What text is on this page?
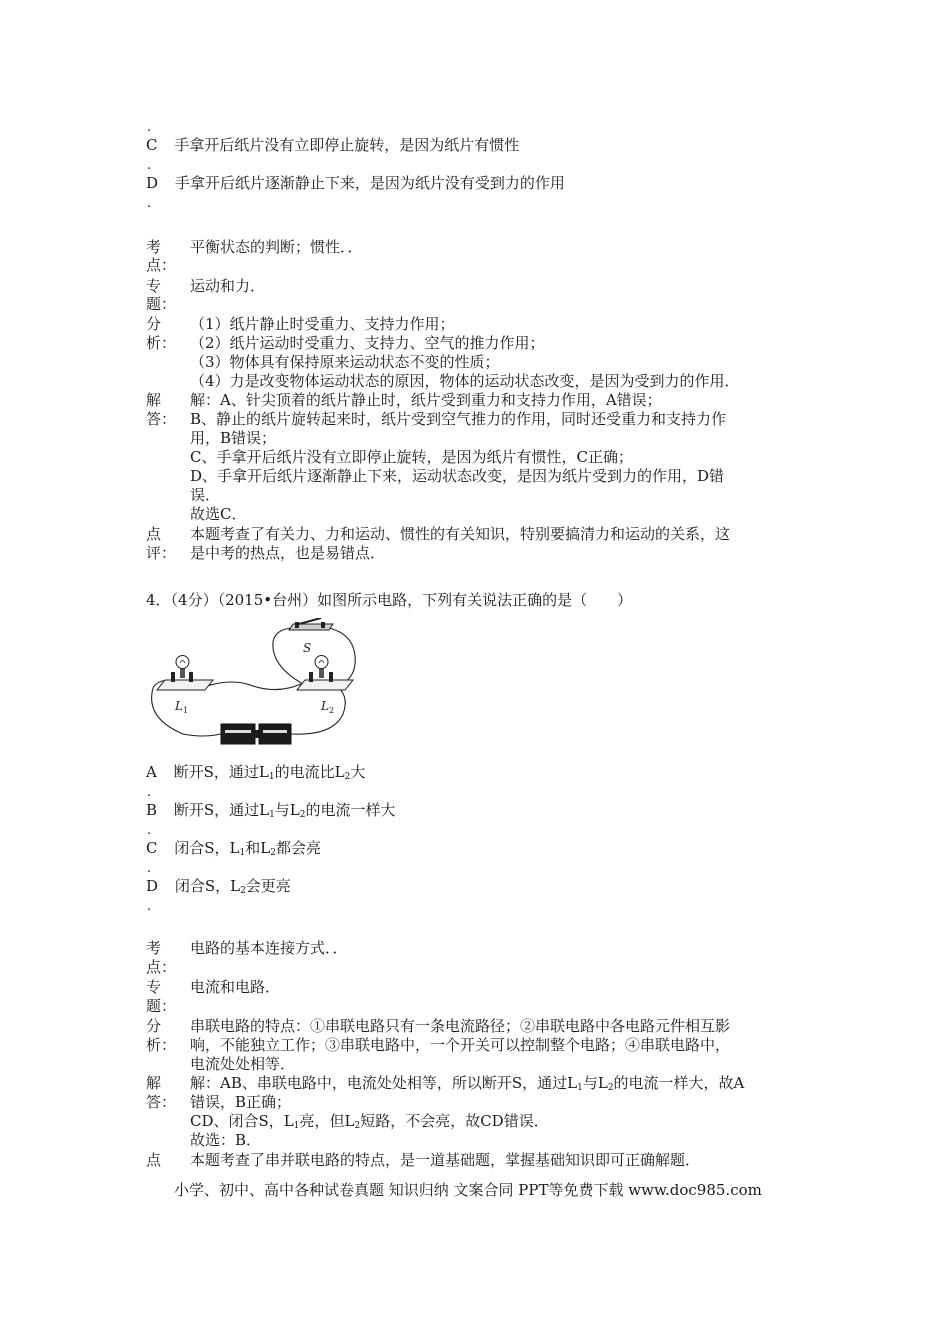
.
C 手拿开后纸片没有立即停止旋转，是因为纸片有惯性
.
D 手拿开后纸片逐渐静止下来，是因为纸片没有受到力的作用
.
考 平衡状态的判断；惯性．．
点：
专 运动和力．
题：
分
析：
（1）纸片静止时受重力、支持力作用；
（2）纸片运动时受重力、支持力、空气的推力作用；
（3）物体具有保持原来运动状态不变的性质；
（4）力是改变物体运动状态的原因，物体的运动状态改变，是因为受到力的作用．
解
答：
解：A、针尖顶着的纸片静止时，纸片受到重力和支持力作用，A错误；
B、静止的纸片旋转起来时，纸片受到空气推力的作用，同时还受重力和支持力作
用，B错误；
C、手拿开后纸片没有立即停止旋转，是因为纸片有惯性，C正确；
D、手拿开后纸片逐渐静止下来，运动状态改变，是因为纸片受到力的作用，D错
误．
故选C．
点
评：
本题考查了有关力、力和运动、惯性的有关知识，特别要搞清力和运动的关系，这
是中考的热点，也是易错点．
4．（4分）（2015•台州）如图所示电路，下列有关说法正确的是（　　）
S
$L_1$	$L_2$
A 断开S，通过$L_1$的电流比$L_2$大
.
B 断开S，通过$L_1$与$L_2$的电流一样大
.
C 闭合S，$L_1$和$L_2$都会亮
.
D 闭合S，$L_2$会更亮
.
考 电路的基本连接方式．．
点：
专 电流和电路．
题：
分
析：
串联电路的特点：①串联电路只有一条电流路径；②串联电路中各电路元件相互影
响，不能独立工作；③串联电路中，一个开关可以控制整个电路；④串联电路中，
电流处处相等．
解
答：
解：AB、串联电路中，电流处处相等，所以断开S，通过$L_1$与$L_2$的电流一样大，故A
错误，B正确；
CD、闭合S，$L_1$亮，但$L_2$短路，不会亮，故CD错误．
故选：B．
点 本题考查了串并联电路的特点，是一道基础题，掌握基础知识即可正确解题．
小学、初中、高中各种试卷真题 知识归纳 文案合同 PPT等免费下载 www.doc985.com
